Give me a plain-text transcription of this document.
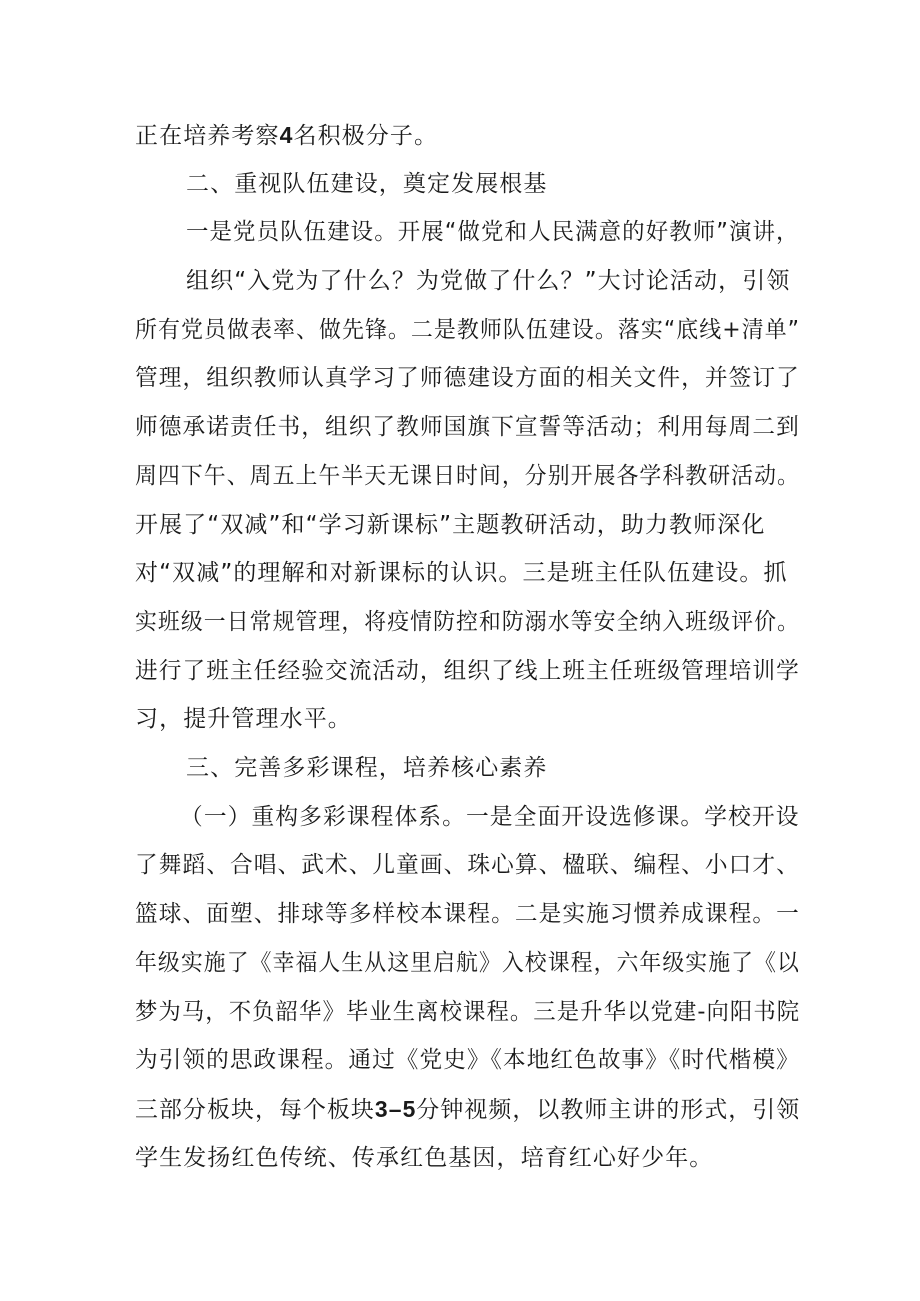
正在培养考察4名积极分子。
二、重视队伍建设，奠定发展根基
一是党员队伍建设。开展“做党和人民满意的好教师”演讲，
组织“入党为了什么？为党做了什么？”大讨论活动，引领
所有党员做表率、做先锋。二是教师队伍建设。落实“底线+清单”
管理，组织教师认真学习了师德建设方面的相关文件，并签订了
师德承诺责任书，组织了教师国旗下宣誓等活动；利用每周二到
周四下午、周五上午半天无课日时间，分别开展各学科教研活动。
开展了“双减”和“学习新课标”主题教研活动，助力教师深化
对“双减”的理解和对新课标的认识。三是班主任队伍建设。抓
实班级一日常规管理，将疫情防控和防溺水等安全纳入班级评价。
进行了班主任经验交流活动，组织了线上班主任班级管理培训学
习，提升管理水平。
三、完善多彩课程，培养核心素养
（一）重构多彩课程体系。一是全面开设选修课。学校开设
了舞蹈、合唱、武术、儿童画、珠心算、楹联、编程、小口才、
篮球、面塑、排球等多样校本课程。二是实施习惯养成课程。一
年级实施了《幸福人生从这里启航》入校课程，六年级实施了《以
梦为马，不负韶华》毕业生离校课程。三是升华以党建-向阳书院
为引领的思政课程。通过《党史》《本地红色故事》《时代楷模》
三部分板块，每个板块3–5分钟视频，以教师主讲的形式，引领
学生发扬红色传统、传承红色基因，培育红心好少年。
